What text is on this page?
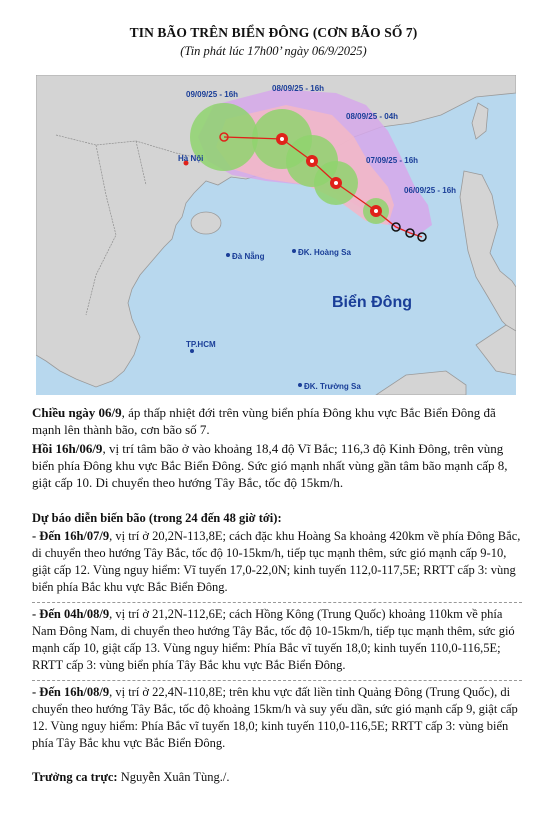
TIN BÃO TRÊN BIỂN ĐÔNG (CƠN BÃO SỐ 7)
(Tin phát lúc 17h00’ ngày 06/9/2025)
09/09/25 - 16h
08/09/25 - 16h
08/09/25 - 04h
07/09/25 - 16h
06/09/25 - 16h
Hà Nội
Đà Nẵng	ĐK. Hoàng Sa
Biển Đông
TP.HCM
ĐK. Trường Sa
Chiều ngày 06/9, áp thấp nhiệt đới trên vùng biển phía Đông khu vực Bắc Biển Đông đã mạnh lên thành bão, cơn bão số 7.
Hồi 16h/06/9, vị trí tâm bão ở vào khoảng 18,4 độ Vĩ Bắc; 116,3 độ Kinh Đông, trên vùng biển phía Đông khu vực Bắc Biển Đông. Sức gió mạnh nhất vùng gần tâm bão mạnh cấp 8, giật cấp 10. Di chuyển theo hướng Tây Bắc, tốc độ 15km/h.
Dự báo diễn biến bão (trong 24 đến 48 giờ tới):
- Đến 16h/07/9, vị trí ở 20,2N-113,8E; cách đặc khu Hoàng Sa khoảng 420km về phía Đông Bắc, di chuyển theo hướng Tây Bắc, tốc độ 10-15km/h, tiếp tục mạnh thêm, sức gió mạnh cấp 9-10, giật cấp 12. Vùng nguy hiểm: Vĩ tuyến 17,0-22,0N; kinh tuyến 112,0-117,5E; RRTT cấp 3: vùng biển phía Bắc khu vực Bắc Biển Đông.
- Đến 04h/08/9, vị trí ở 21,2N-112,6E; cách Hồng Kông (Trung Quốc) khoảng 110km về phía Nam Đông Nam, di chuyển theo hướng Tây Bắc, tốc độ 10-15km/h, tiếp tục mạnh thêm, sức gió mạnh cấp 10, giật cấp 13. Vùng nguy hiểm: Phía Bắc vĩ tuyến 18,0; kinh tuyến 110,0-116,5E; RRTT cấp 3: vùng biển phía Tây Bắc khu vực Bắc Biển Đông.
- Đến 16h/08/9, vị trí ở 22,4N-110,8E; trên khu vực đất liền tỉnh Quảng Đông (Trung Quốc), di chuyển theo hướng Tây Bắc, tốc độ khoảng 15km/h và suy yếu dần, sức gió mạnh cấp 9, giật cấp 12. Vùng nguy hiểm: Phía Bắc vĩ tuyến 18,0; kinh tuyến 110,0-116,5E; RRTT cấp 3: vùng biển phía Tây Bắc khu vực Bắc Biển Đông.
Trưởng ca trực: Nguyễn Xuân Tùng./.
